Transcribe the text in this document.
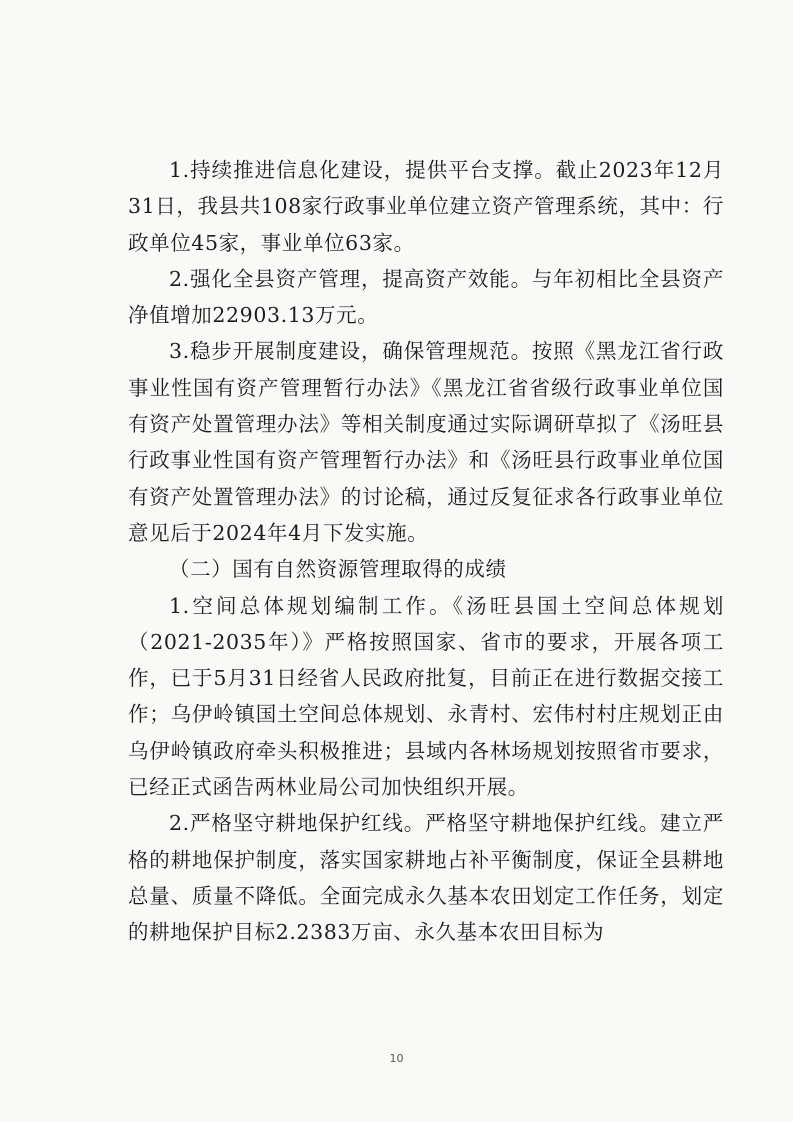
1.持续推进信息化建设，提供平台支撑。截止2023年12月31日，我县共108家行政事业单位建立资产管理系统，其中：行政单位45家，事业单位63家。

2.强化全县资产管理，提高资产效能。与年初相比全县资产净值增加22903.13万元。

3.稳步开展制度建设，确保管理规范。按照《黑龙江省行政事业性国有资产管理暂行办法》《黑龙江省省级行政事业单位国有资产处置管理办法》等相关制度通过实际调研草拟了《汤旺县行政事业性国有资产管理暂行办法》和《汤旺县行政事业单位国有资产处置管理办法》的讨论稿，通过反复征求各行政事业单位意见后于2024年4月下发实施。

（二）国有自然资源管理取得的成绩

1.空间总体规划编制工作。《汤旺县国土空间总体规划（2021-2035年）》严格按照国家、省市的要求，开展各项工作，已于5月31日经省人民政府批复，目前正在进行数据交接工作；乌伊岭镇国土空间总体规划、永青村、宏伟村村庄规划正由乌伊岭镇政府牵头积极推进；县域内各林场规划按照省市要求，已经正式函告两林业局公司加快组织开展。

2.严格坚守耕地保护红线。严格坚守耕地保护红线。建立严格的耕地保护制度，落实国家耕地占补平衡制度，保证全县耕地总量、质量不降低。全面完成永久基本农田划定工作任务，划定的耕地保护目标2.2383万亩、永久基本农田目标为

10
